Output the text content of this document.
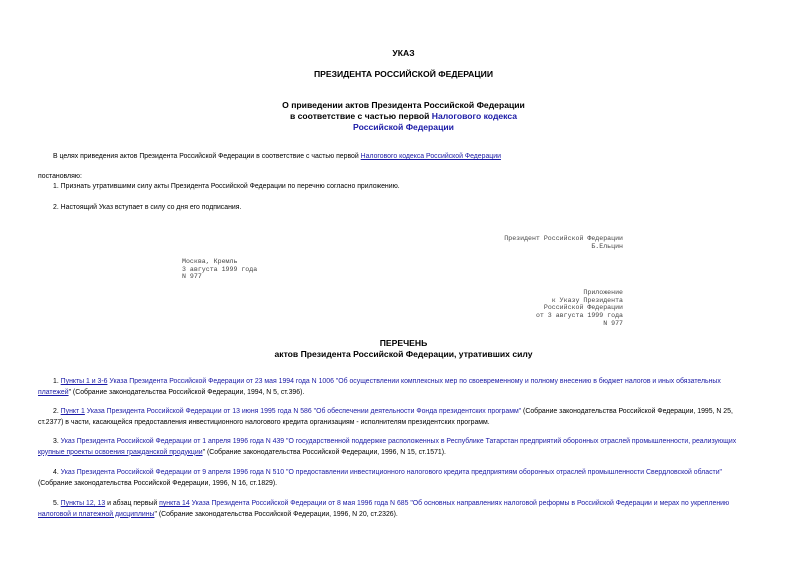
УКАЗ
ПРЕЗИДЕНТА РОССИЙСКОЙ ФЕДЕРАЦИИ
О приведении актов Президента Российской Федерации
в соответствие с частью первой Налогового кодекса
Российской Федерации
В целях приведения актов Президента Российской Федерации в соответствие с частью первой Налогового кодекса Российской Федерации
постановляю:
1. Признать утратившими силу акты Президента Российской Федерации по перечню согласно приложению.
2. Настоящий Указ вступает в силу со дня его подписания.
Президент Российской Федерации
Б.Ельцин
Москва, Кремль
3 августа 1999 года
N 977
Приложение
к Указу Президента
Российской Федерации
от 3 августа 1999 года
N 977
ПЕРЕЧЕНЬ
актов Президента Российской Федерации, утративших силу
1. Пункты 1 и 3-6 Указа Президента Российской Федерации от 23 мая 1994 года N 1006 "Об осуществлении комплексных мер по своевременному и полному внесению в бюджет налогов и иных обязательных
платежей" (Собрание законодательства Российской Федерации, 1994, N 5, ст.396).
2. Пункт 1 Указа Президента Российской Федерации от 13 июня 1995 года N 586 "Об обеспечении деятельности Фонда президентских программ" (Собрание законодательства Российской Федерации, 1995, N 25,
ст.2377) в части, касающейся предоставления инвестиционного налогового кредита организациям - исполнителям президентских программ.
3. Указ Президента Российской Федерации от 1 апреля 1996 года N 439 "О государственной поддержке расположенных в Республике Татарстан предприятий оборонных отраслей промышленности, реализующих
крупные проекты освоения гражданской продукции" (Собрание законодательства Российской Федерации, 1996, N 15, ст.1571).
4. Указ Президента Российской Федерации от 9 апреля 1996 года N 510 "О предоставлении инвестиционного налогового кредита предприятиям оборонных отраслей промышленности Свердловской области"
(Собрание законодательства Российской Федерации, 1996, N 16, ст.1829).
5. Пункты 12, 13 и абзац первый пункта 14 Указа Президента Российской Федерации от 8 мая 1996 года N 685 "Об основных направлениях налоговой реформы в Российской Федерации и мерах по укреплению
налоговой и платежной дисциплины" (Собрание законодательства Российской Федерации, 1996, N 20, ст.2326).
